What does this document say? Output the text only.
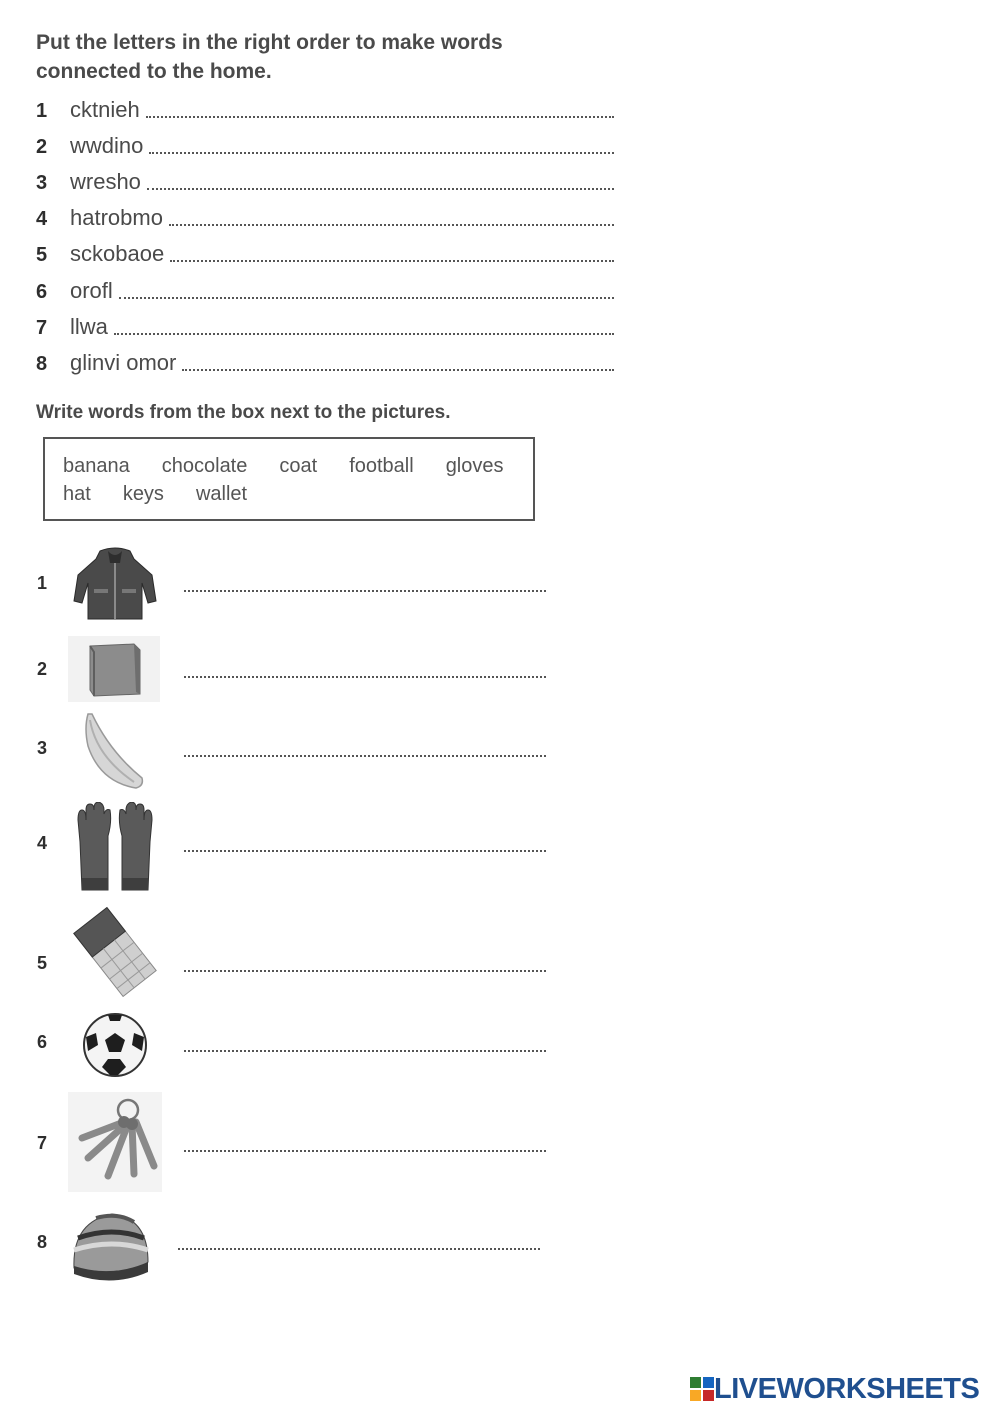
Put the letters in the right order to make words
connected to the home.
1	cktnieh
2	wwdino
3	wresho
4	hatrobmo
5	sckobaoe
6	orofl
7	llwa
8	glinvi omor
Write words from the box next to the pictures.
banana chocolate coat football gloves
hat keys wallet
1
2
3
4
5
6
7
8
LIVEWORKSHEETS
